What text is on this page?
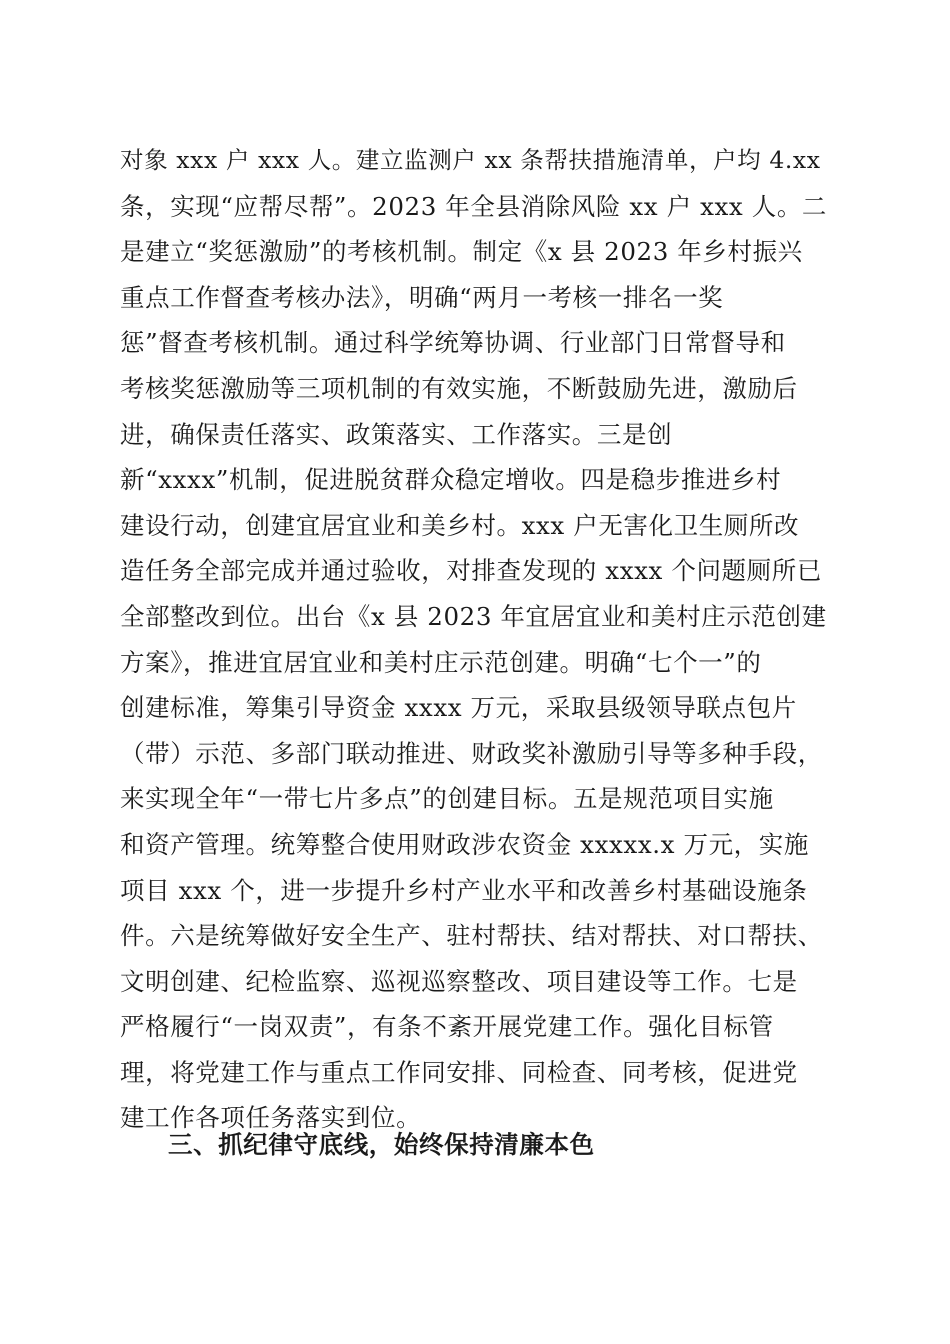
对象 xxx 户 xxx 人。建立监测户 xx 条帮扶措施清单，户均 4.xx
条，实现“应帮尽帮”。2023 年全县消除风险 xx 户 xxx 人。二
是建立“奖惩激励”的考核机制。制定《x 县 2023 年乡村振兴
重点工作督查考核办法》，明确“两月一考核一排名一奖
惩”督查考核机制。通过科学统筹协调、行业部门日常督导和
考核奖惩激励等三项机制的有效实施，不断鼓励先进，激励后
进，确保责任落实、政策落实、工作落实。三是创
新“xxxx”机制，促进脱贫群众稳定增收。四是稳步推进乡村
建设行动，创建宜居宜业和美乡村。xxx 户无害化卫生厕所改
造任务全部完成并通过验收，对排查发现的 xxxx 个问题厕所已
全部整改到位。出台《x 县 2023 年宜居宜业和美村庄示范创建
方案》，推进宜居宜业和美村庄示范创建。明确“七个一”的
创建标准，筹集引导资金 xxxx 万元，采取县级领导联点包片
（带）示范、多部门联动推进、财政奖补激励引导等多种手段，
来实现全年“一带七片多点”的创建目标。五是规范项目实施
和资产管理。统筹整合使用财政涉农资金 xxxxx.x 万元，实施
项目 xxx 个，进一步提升乡村产业水平和改善乡村基础设施条
件。六是统筹做好安全生产、驻村帮扶、结对帮扶、对口帮扶、
文明创建、纪检监察、巡视巡察整改、项目建设等工作。七是
严格履行“一岗双责”，有条不紊开展党建工作。强化目标管
理，将党建工作与重点工作同安排、同检查、同考核，促进党
建工作各项任务落实到位。
三、抓纪律守底线，始终保持清廉本色
